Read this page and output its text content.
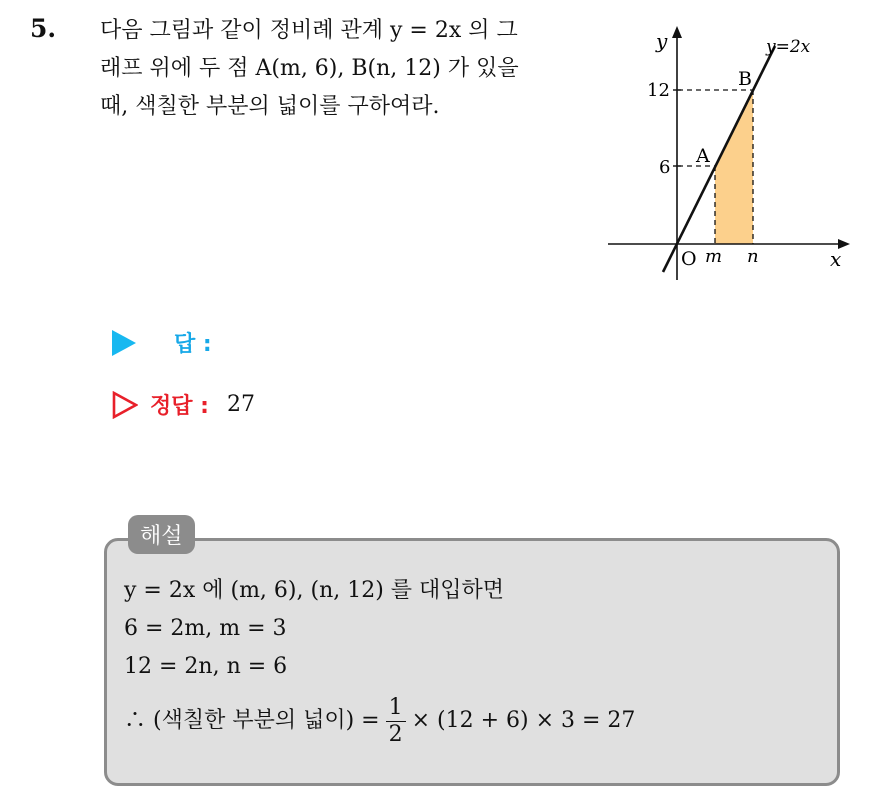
5. 다음 그림과 같이 정비례 관계 y = 2x 의 그
래프 위에 두 점 A(m, 6), B(n, 12) 가 있을
때, 색칠한 부분의 넓이를 구하여라.
y	y=2x
12
6
B
A
O m n	x
답 :
정답 : 27
해설
y = 2x 에 (m, 6), (n, 12) 를 대입하면
6 = 2m, m = 3
12 = 2n, n = 6
∴ (색칠한 부분의 넓이) = $\frac{1}{2} \times (12 + 6) \times 3 = 27$
